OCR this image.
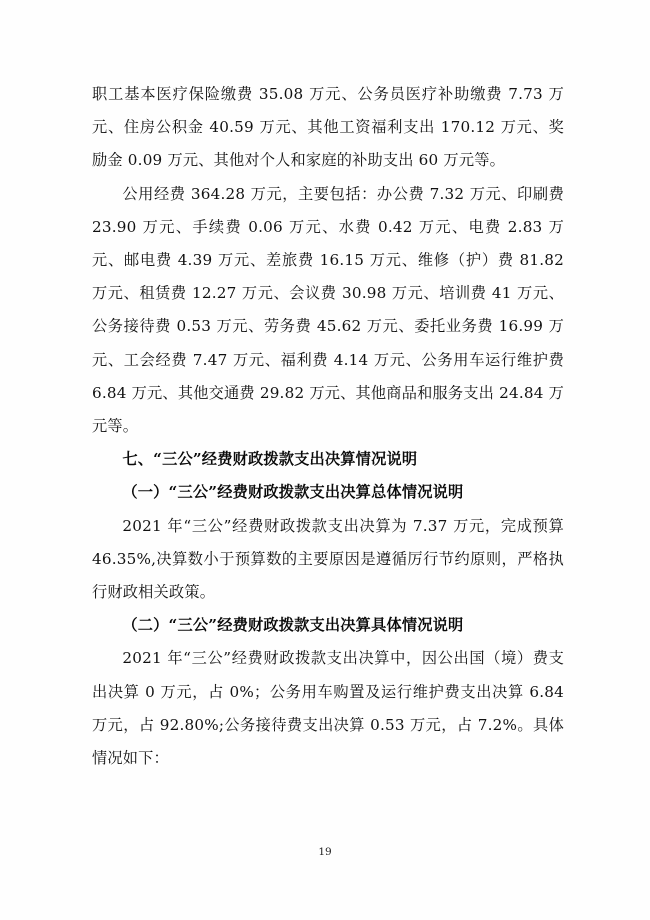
职工基本医疗保险缴费 35.08 万元、公务员医疗补助缴费 7.73 万元、住房公积金 40.59 万元、其他工资福利支出 170.12 万元、奖励金 0.09 万元、其他对个人和家庭的补助支出 60 万元等。

公用经费 364.28 万元，主要包括：办公费 7.32 万元、印刷费 23.90 万元、手续费 0.06 万元、水费 0.42 万元、电费 2.83 万元、邮电费 4.39 万元、差旅费 16.15 万元、维修（护）费 81.82 万元、租赁费 12.27 万元、会议费 30.98 万元、培训费 41 万元、公务接待费 0.53 万元、劳务费 45.62 万元、委托业务费 16.99 万元、工会经费 7.47 万元、福利费 4.14 万元、公务用车运行维护费 6.84 万元、其他交通费 29.82 万元、其他商品和服务支出 24.84 万元等。

七、“三公”经费财政拨款支出决算情况说明

（一）“三公”经费财政拨款支出决算总体情况说明

2021 年“三公”经费财政拨款支出决算为 7.37 万元，完成预算 46.35%,决算数小于预算数的主要原因是遵循厉行节约原则，严格执行财政相关政策。

（二）“三公”经费财政拨款支出决算具体情况说明

2021 年“三公”经费财政拨款支出决算中，因公出国（境）费支出决算 0 万元，占 0%；公务用车购置及运行维护费支出决算 6.84 万元，占 92.80%;公务接待费支出决算 0.53 万元，占 7.2%。具体情况如下：

19
